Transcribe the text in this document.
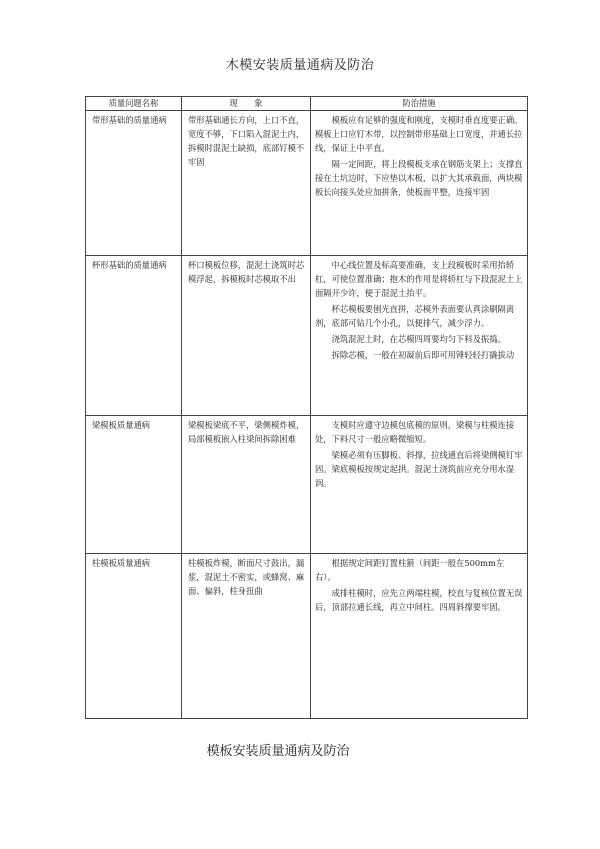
木模安装质量通病及防治
质量问题名称	现　　象	防治措施
带形基础的质量通病	带形基础通长方向，上口不直，宽度不够，下口陷入混泥土内，拆模时混泥土缺损，底部钉模不牢固	模板应有足够的强度和刚度，支模时垂直度要正确。模板上口应钉木带，以控制带形基础上口宽度，并通长拉线，保证上中平直。

隔一定间距，将上段模板支承在钢筋支架上；支撑直接在土坑边时，下应垫以木板，以扩大其承载面，两块模板长向接头处应加拼条，使板面平整，连接牢固

杯形基础的质量通病	杯口模板位移，混泥土浇筑时芯模浮起，拆模板时芯模取不出	中心线位置及标高要准确，支上段模板时采用抬轿杠，可使位置准确；抱木的作用是将轿杠与下段混泥土上面隔开少许，便于混泥土抬平。

杯芯模板要刨光直拼，芯模外表面要认真涂刷隔离剂，底部可钻几个小孔，以便排气，减少浮力。

浇筑混泥土时，在芯模四周要均匀下料及振捣。

拆除芯模，一般在初凝前后即可用锤轻轻打撬拔动

梁模板质量通病	梁模板梁底不平，梁侧模炸模，局部模板嵌入柱梁间拆除困难	支模时应遵守边模包底模的原则，梁模与柱模连接处，下料尺寸一般应略微缩短。

梁模必须有压脚板、斜撑，拉线通直后将梁侧模钉牢固。梁底模板按规定起拱。混泥土浇筑前应充分用水湿润。

柱模板质量通病	柱模板炸模，断面尺寸鼓出，漏浆，混泥土不密实，或蜂窝、麻面、偏斜，柱身扭曲	根据规定间距钉置柱箍（间距一般在500mm左右）。

成排柱模时，应先立两端柱模，校直与复核位置无误后，顶部拉通长线，再立中间柱。四周斜撑要牢固。

模板安装质量通病及防治
